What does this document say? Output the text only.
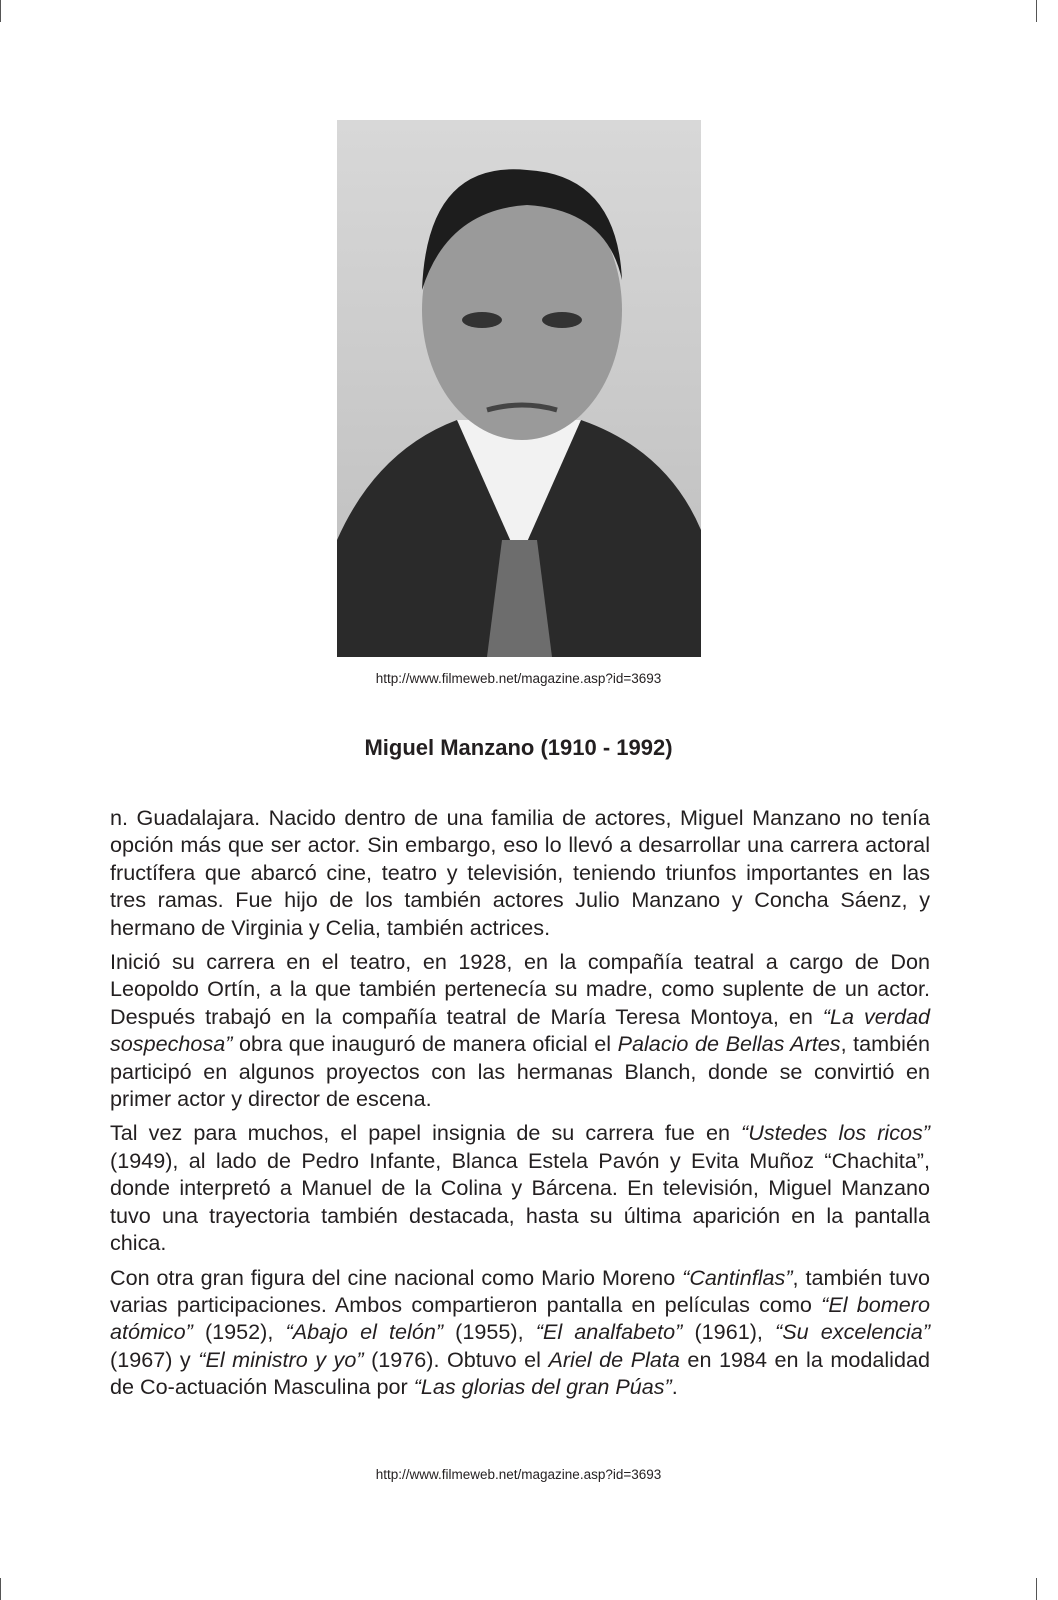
http://www.filmeweb.net/magazine.asp?id=3693
Miguel Manzano (1910 - 1992)

n. Guadalajara. Nacido dentro de una familia de actores, Miguel Manzano no tenía opción más que ser actor. Sin embargo, eso lo llevó a desarrollar una carrera actoral fructífera que abarcó cine, teatro y televisión, teniendo triunfos importantes en las tres ramas. Fue hijo de los también actores Julio Manzano y Concha Sáenz, y hermano de Virginia y Celia, también actrices.

Inició su carrera en el teatro, en 1928, en la compañía teatral a cargo de Don Leopoldo Ortín, a la que también pertenecía su madre, como suplente de un actor. Después trabajó en la compañía teatral de María Teresa Montoya, en “La verdad sospechosa” obra que inauguró de manera oficial el Palacio de Bellas Artes, también participó en algunos proyectos con las hermanas Blanch, donde se convirtió en primer actor y director de escena.

Tal vez para muchos, el papel insignia de su carrera fue en “Ustedes los ricos” (1949), al lado de Pedro Infante, Blanca Estela Pavón y Evita Muñoz “Chachita”, donde interpretó a Manuel de la Colina y Bárcena. En televisión, Miguel Manzano tuvo una trayectoria también destacada, hasta su última aparición en la pantalla chica.

Con otra gran figura del cine nacional como Mario Moreno “Cantinflas”, también tuvo varias participaciones. Ambos compartieron pantalla en películas como “El bomero atómico” (1952), “Abajo el telón” (1955), “El analfabeto” (1961), “Su excelencia” (1967) y “El ministro y yo” (1976). Obtuvo el Ariel de Plata en 1984 en la modalidad de Co-actuación Masculina por “Las glorias del gran Púas”.

http://www.filmeweb.net/magazine.asp?id=3693
